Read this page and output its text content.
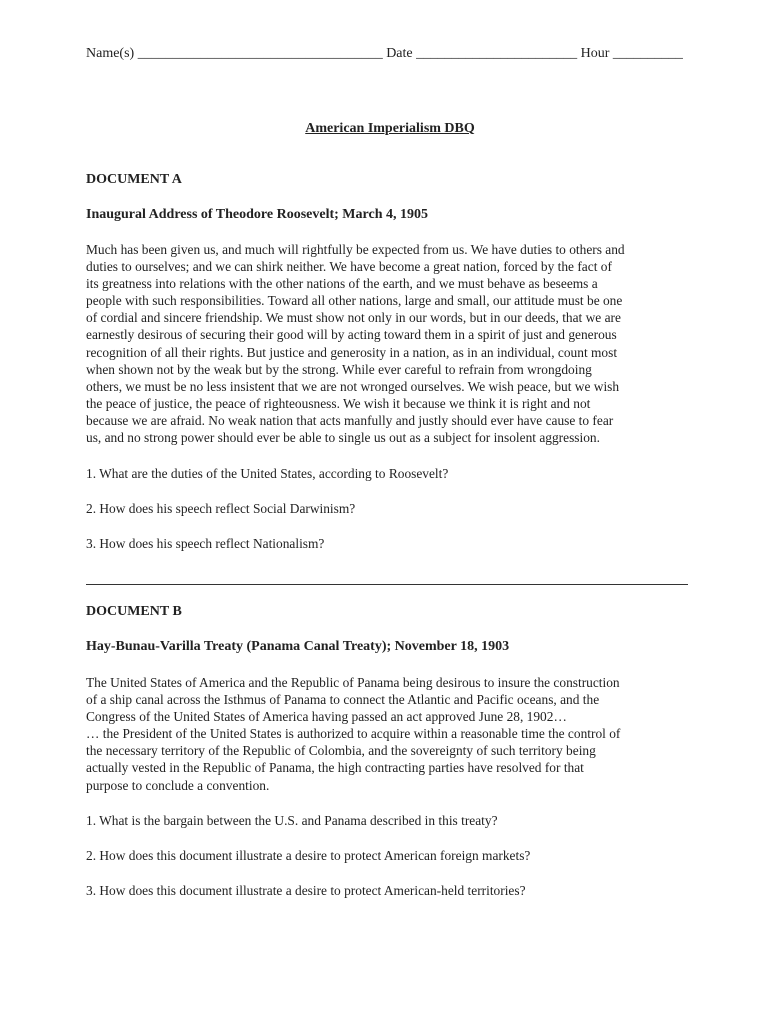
Name(s) ___________________________________ Date _______________________ Hour __________
American Imperialism DBQ
DOCUMENT A
Inaugural Address of Theodore Roosevelt; March 4, 1905
Much has been given us, and much will rightfully be expected from us. We have duties to others and
duties to ourselves; and we can shirk neither. We have become a great nation, forced by the fact of
its greatness into relations with the other nations of the earth, and we must behave as beseems a
people with such responsibilities. Toward all other nations, large and small, our attitude must be one
of cordial and sincere friendship. We must show not only in our words, but in our deeds, that we are
earnestly desirous of securing their good will by acting toward them in a spirit of just and generous
recognition of all their rights. But justice and generosity in a nation, as in an individual, count most
when shown not by the weak but by the strong. While ever careful to refrain from wrongdoing
others, we must be no less insistent that we are not wronged ourselves. We wish peace, but we wish
the peace of justice, the peace of righteousness. We wish it because we think it is right and not
because we are afraid. No weak nation that acts manfully and justly should ever have cause to fear
us, and no strong power should ever be able to single us out as a subject for insolent aggression.
1. What are the duties of the United States, according to Roosevelt?
2. How does his speech reflect Social Darwinism?
3. How does his speech reflect Nationalism?
DOCUMENT B
Hay-Bunau-Varilla Treaty (Panama Canal Treaty); November 18, 1903
The United States of America and the Republic of Panama being desirous to insure the construction
of a ship canal across the Isthmus of Panama to connect the Atlantic and Pacific oceans, and the
Congress of the United States of America having passed an act approved June 28, 1902…
… the President of the United States is authorized to acquire within a reasonable time the control of
the necessary territory of the Republic of Colombia, and the sovereignty of such territory being
actually vested in the Republic of Panama, the high contracting parties have resolved for that
purpose to conclude a convention.
1. What is the bargain between the U.S. and Panama described in this treaty?
2. How does this document illustrate a desire to protect American foreign markets?
3. How does this document illustrate a desire to protect American-held territories?
